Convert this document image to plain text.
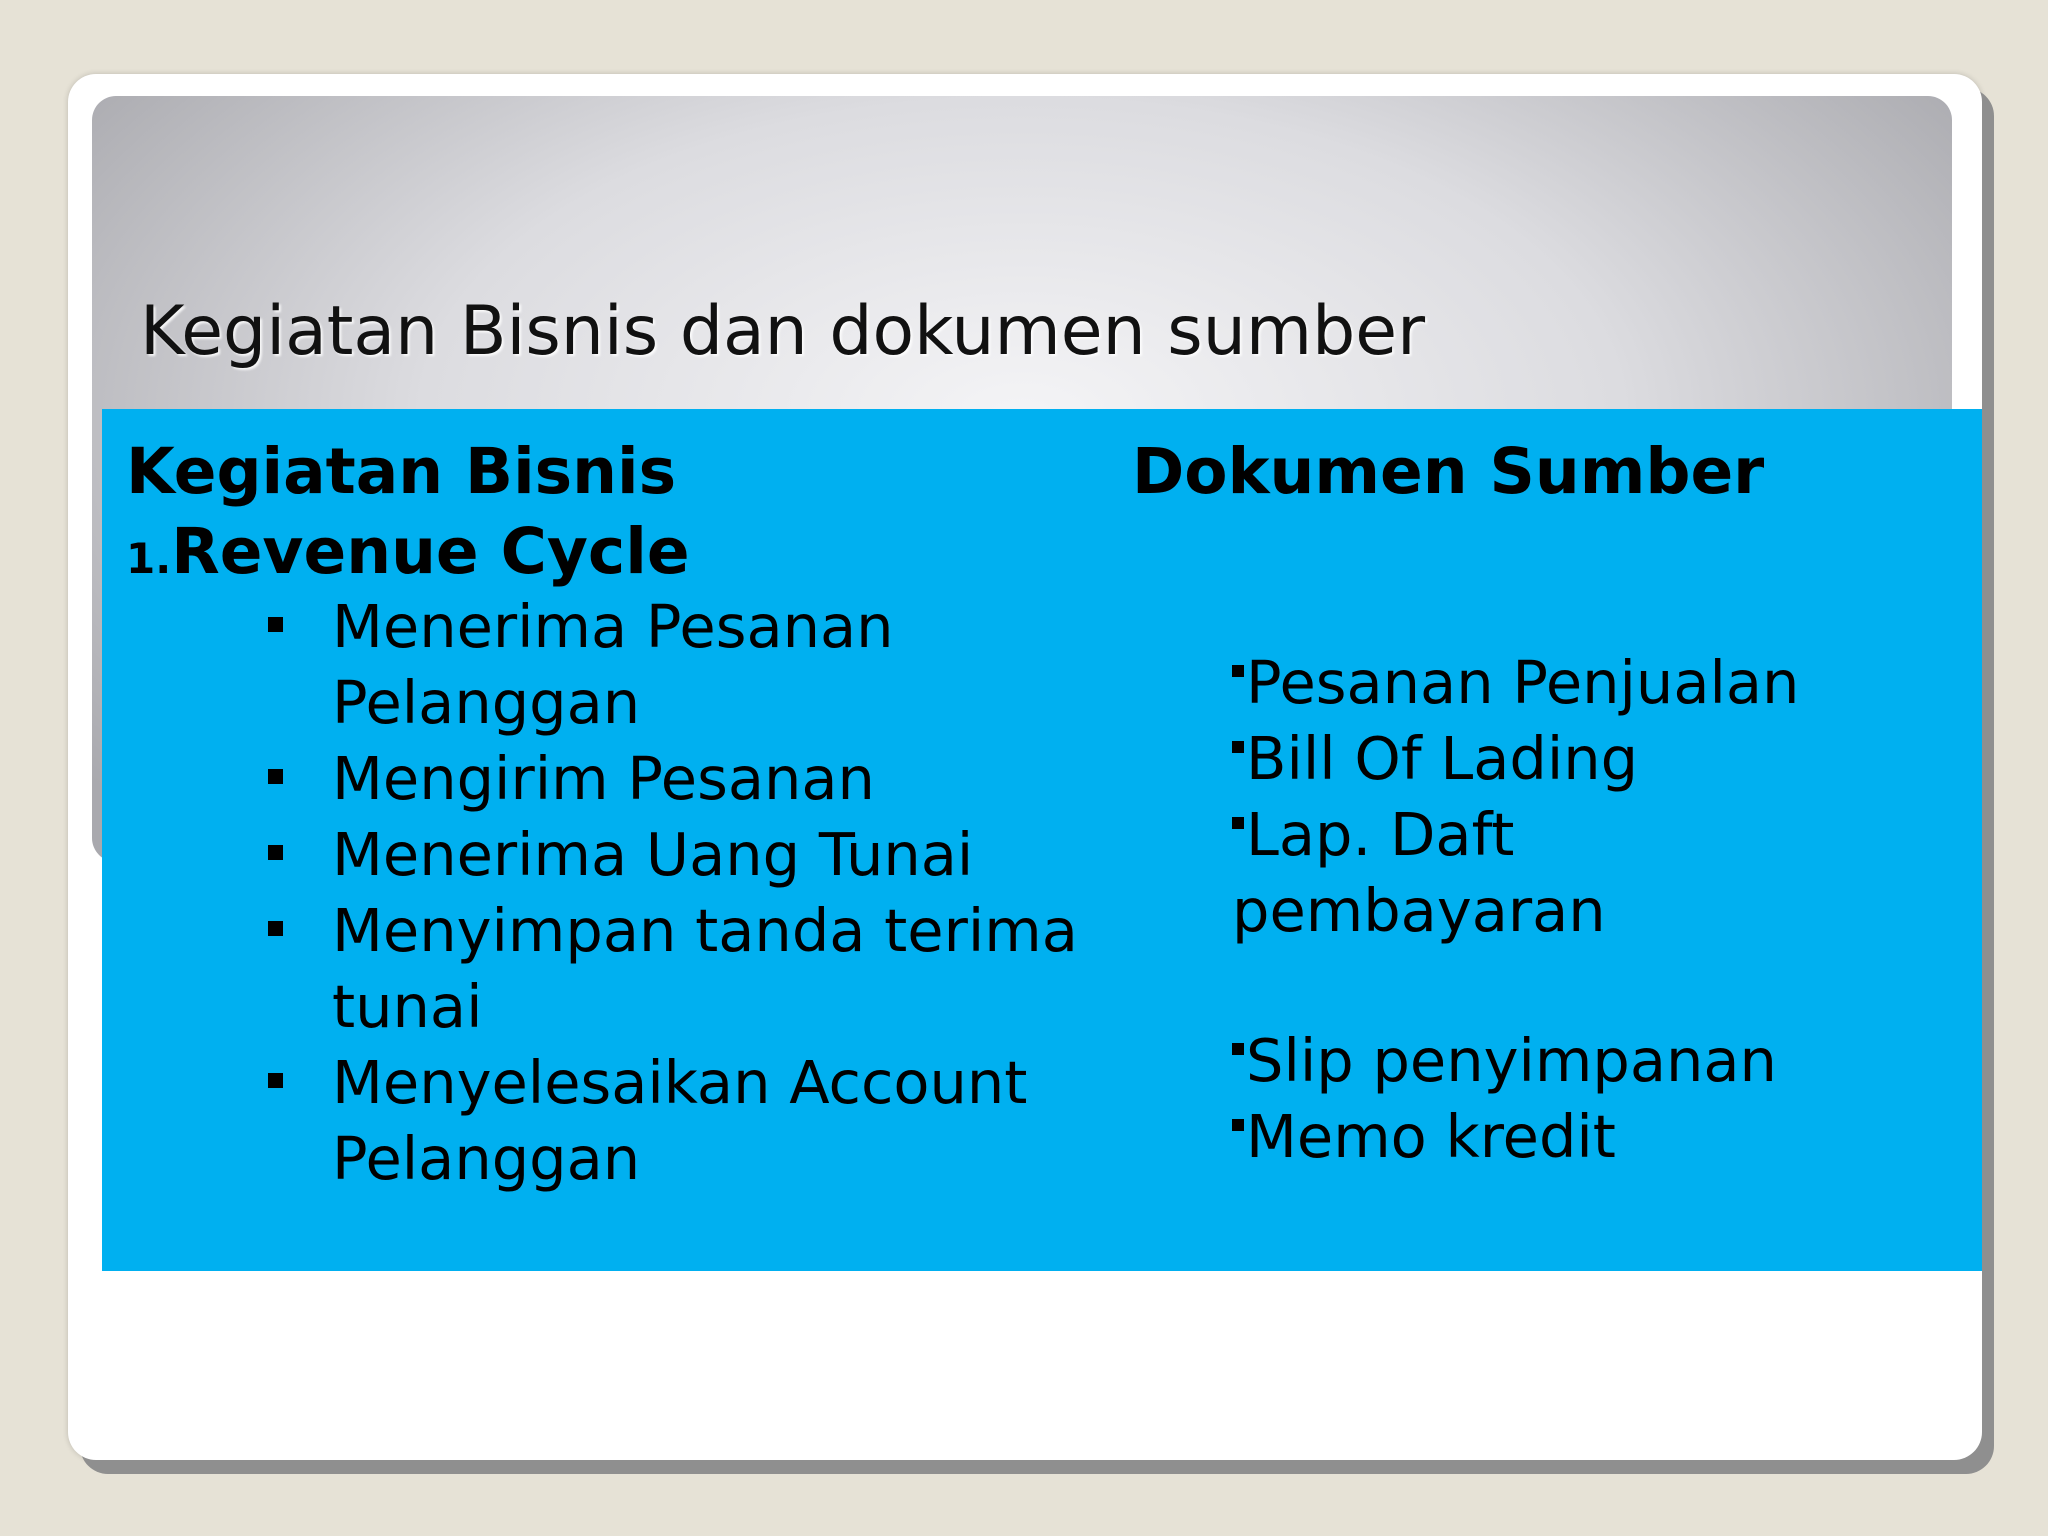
Kegiatan Bisnis dan dokumen sumber
Kegiatan Bisnis
1.Revenue Cycle
Menerima Pesanan Pelanggan
Mengirim Pesanan
Menerima Uang Tunai
Menyimpan tanda terima tunai
Menyelesaikan Account Pelanggan
Dokumen Sumber
Pesanan Penjualan
Bill Of Lading
Lap. Daft pembayaran
Slip penyimpanan
Memo kredit
